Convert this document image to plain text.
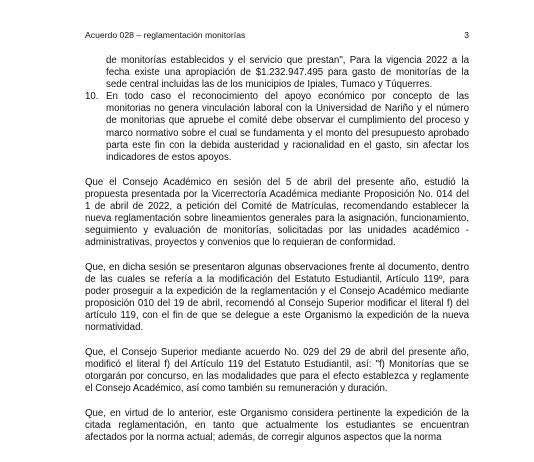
Acuerdo 028 – reglamentación monitorías	3
de monitorías establecidos y el servicio que prestan", Para la vigencia 2022 a la fecha existe una apropiación de $1.232.947.495 para gasto de monitorías de la sede central incluidas las de los municipios de Ipiales, Tumaco y Túquerres.
10. En todo caso el reconocimiento del apoyo económico por concepto de las monitorias no genera vinculación laboral con la Universidad de Nariño y el número de monitorias que apruebe el comité debe observar el cumplimiento del proceso y marco normativo sobre el cual se fundamenta y el monto del presupuesto aprobado parta este fin con la debida austeridad y racionalidad en el gasto, sin afectar los indicadores de estos apoyos.

Que el Consejo Académico en sesión del 5 de abril del presente año, estudió la propuesta presentada por la Vicerrectoría Académica mediante Proposición No. 014 del 1 de abril de 2022, a petición del Comité de Matrículas, recomendando establecer la nueva reglamentación sobre lineamientos generales para la asignación, funcionamiento, seguimiento y evaluación de monitorías, solicitadas por las unidades académico - administrativas, proyectos y convenios que lo requieran de conformidad.

Que, en dicha sesión se presentaron algunas observaciones frente al documento, dentro de las cuales se refería a la modificación del Estatuto Estudiantil, Artículo 119º, para poder proseguir a la expedición de la reglamentación y el Consejo Académico mediante proposición 010 del 19 de abril, recomendó al Consejo Superior modificar el literal f) del artículo 119, con el fin de que se delegue a este Organismo la expedición de la nueva normatividad.

Que, el Consejo Superior mediante acuerdo No. 029 del 29 de abril del presente año, modificó el literal f) del Artículo 119 del Estatuto Estudiantil, así: "f) Monitorías que se otorgarán por concurso, en las modalidades que para el efecto establezca y reglamente el Consejo Académico, así como también su remuneración y duración.

Que, en virtud de lo anterior, este Organismo considera pertinente la expedición de la citada reglamentación, en tanto que actualmente los estudiantes se encuentran afectados por la norma actual; además, de corregir algunos aspectos que la norma
